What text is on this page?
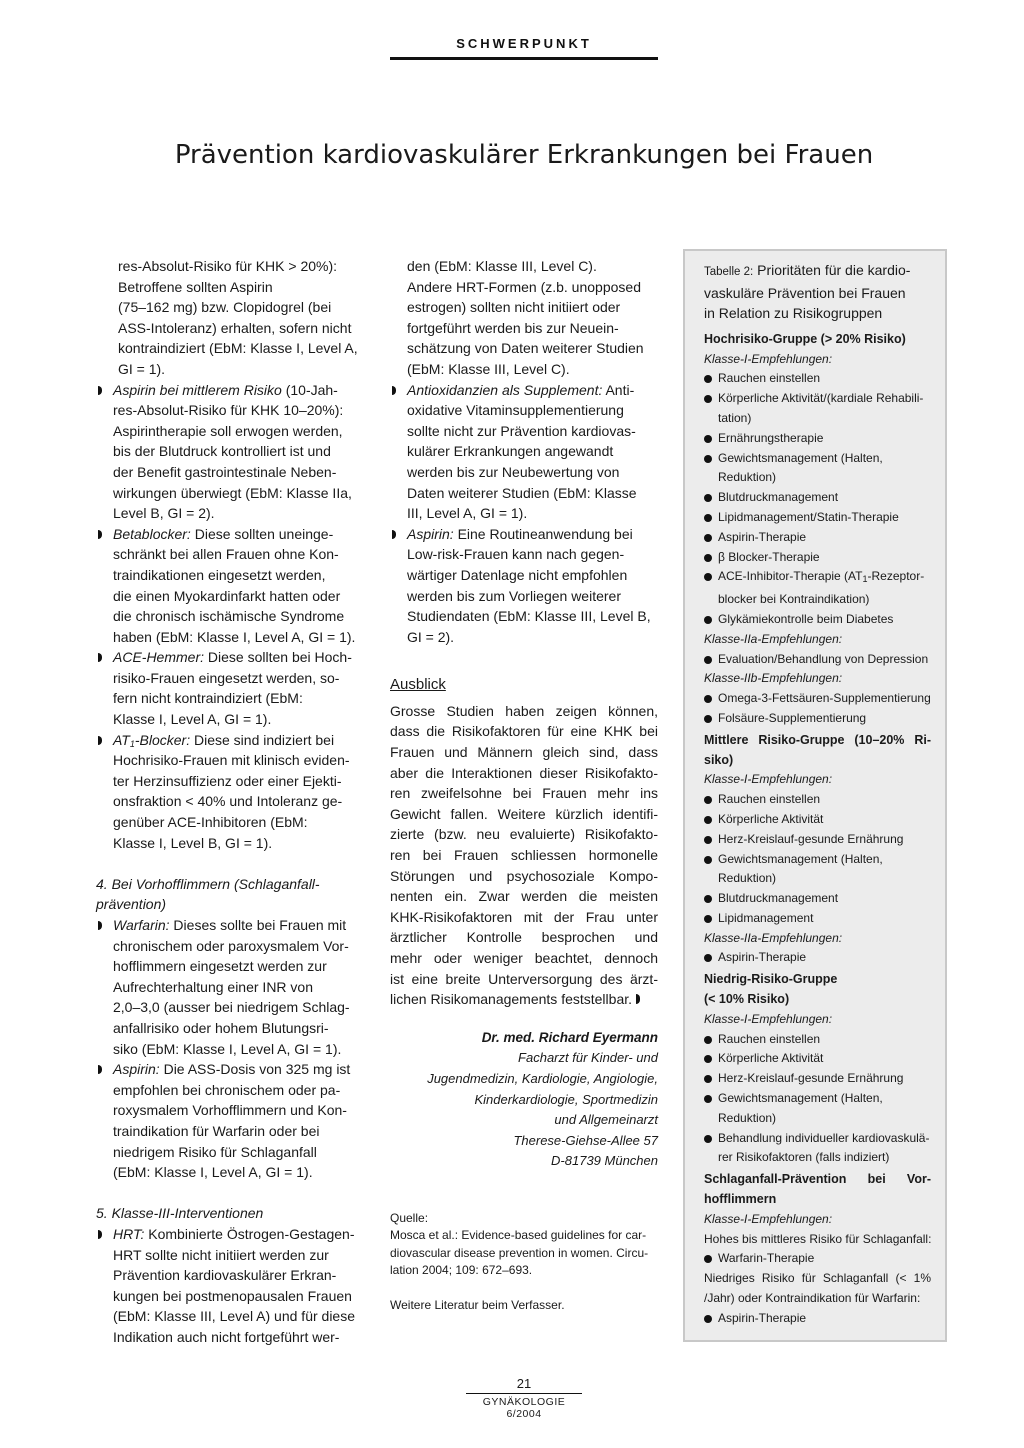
SCHWERPUNKT
Prävention kardiovaskulärer Erkrankungen bei Frauen
res-Absolut-Risiko für KHK > 20%):
Betroffene sollten Aspirin
(75–162 mg) bzw. Clopidogrel (bei
ASS-Intoleranz) erhalten, sofern nicht
kontraindiziert (EbM: Klasse I, Level A,
GI = 1).
Aspirin bei mittlerem Risiko (10-Jah-
res-Absolut-Risiko für KHK 10–20%):
Aspirintherapie soll erwogen werden,
bis der Blutdruck kontrolliert ist und
der Benefit gastrointestinale Neben-
wirkungen überwiegt (EbM: Klasse IIa,
Level B, GI = 2).
Betablocker: Diese sollten uneinge-
schränkt bei allen Frauen ohne Kon-
traindikationen eingesetzt werden,
die einen Myokardinfarkt hatten oder
die chronisch ischämische Syndrome
haben (EbM: Klasse I, Level A, GI = 1).
ACE-Hemmer: Diese sollten bei Hoch-
risiko-Frauen eingesetzt werden, so-
fern nicht kontraindiziert (EbM:
Klasse I, Level A, GI = 1).
$AT_1$-Blocker: Diese sind indiziert bei
Hochrisiko-Frauen mit klinisch eviden-
ter Herzinsuffizienz oder einer Ejekti-
onsfraktion < 40% und Intoleranz ge-
genüber ACE-Inhibitoren (EbM:
Klasse I, Level B, GI = 1).
4. Bei Vorhofflimmern (Schlaganfall-
prävention)
Warfarin: Dieses sollte bei Frauen mit
chronischem oder paroxysmalem Vor-
hofflimmern eingesetzt werden zur
Aufrechterhaltung einer INR von
2,0–3,0 (ausser bei niedrigem Schlag-
anfallrisiko oder hohem Blutungsri-
siko (EbM: Klasse I, Level A, GI = 1).
Aspirin: Die ASS-Dosis von 325 mg ist
empfohlen bei chronischem oder pa-
roxysmalem Vorhofflimmern und Kon-
traindikation für Warfarin oder bei
niedrigem Risiko für Schlaganfall
(EbM: Klasse I, Level A, GI = 1).
5. Klasse-III-Interventionen
HRT: Kombinierte Östrogen-Gestagen-
HRT sollte nicht initiiert werden zur
Prävention kardiovaskulärer Erkran-
kungen bei postmenopausalen Frauen
(EbM: Klasse III, Level A) und für diese
Indikation auch nicht fortgeführt wer-
den (EbM: Klasse III, Level C).
Andere HRT-Formen (z.b. unopposed
estrogen) sollten nicht initiiert oder
fortgeführt werden bis zur Neuein-
schätzung von Daten weiterer Studien
(EbM: Klasse III, Level C).
Antioxidanzien als Supplement: Anti-
oxidative Vitaminsupplementierung
sollte nicht zur Prävention kardiovas-
kulärer Erkrankungen angewandt
werden bis zur Neubewertung von
Daten weiterer Studien (EbM: Klasse
III, Level A, GI = 1).
Aspirin: Eine Routineanwendung bei
Low-risk-Frauen kann nach gegen-
wärtiger Datenlage nicht empfohlen
werden bis zum Vorliegen weiterer
Studiendaten (EbM: Klasse III, Level B,
GI = 2).
Ausblick
Grosse Studien haben zeigen können,
dass die Risikofaktoren für eine KHK bei
Frauen und Männern gleich sind, dass
aber die Interaktionen dieser Risikofakto-
ren zweifelsohne bei Frauen mehr ins
Gewicht fallen. Weitere kürzlich identifi-
zierte (bzw. neu evaluierte) Risikofakto-
ren bei Frauen schliessen hormonelle
Störungen und psychosoziale Kompo-
nenten ein. Zwar werden die meisten
KHK-Risikofaktoren mit der Frau unter
ärztlicher Kontrolle besprochen und
mehr oder weniger beachtet, dennoch
ist eine breite Unterversorgung des ärzt-
lichen Risikomanagements feststellbar.
Dr. med. Richard Eyermann
Facharzt für Kinder- und
Jugendmedizin, Kardiologie, Angiologie,
Kinderkardiologie, Sportmedizin
und Allgemeinarzt
Therese-Giehse-Allee 57
D-81739 München
Quelle:
Mosca et al.: Evidence-based guidelines for car-
diovascular disease prevention in women. Circu-
lation 2004; 109: 672–693.
Weitere Literatur beim Verfasser.
Tabelle 2: Prioritäten für die kardio-
vaskuläre Prävention bei Frauen
in Relation zu Risikogruppen
Hochrisiko-Gruppe (> 20% Risiko)
Klasse-I-Empfehlungen:
Rauchen einstellen
Körperliche Aktivität/(kardiale Rehabili-
tation)
Ernährungstherapie
Gewichtsmanagement (Halten,
Reduktion)
Blutdruckmanagement
Lipidmanagement/Statin-Therapie
Aspirin-Therapie
β Blocker-Therapie
ACE-Inhibitor-Therapie ($AT_1-Rezeptor-$
blocker bei Kontraindikation)
Glykämiekontrolle beim Diabetes
Klasse-IIa-Empfehlungen:
Evaluation/Behandlung von Depression
Klasse-IIb-Empfehlungen:
Omega-3-Fettsäuren-Supplementierung
Folsäure-Supplementierung
Mittlere Risiko-Gruppe (10–20% Ri-
siko)
Klasse-I-Empfehlungen:
Rauchen einstellen
Körperliche Aktivität
Herz-Kreislauf-gesunde Ernährung
Gewichtsmanagement (Halten,
Reduktion)
Blutdruckmanagement
Lipidmanagement
Klasse-IIa-Empfehlungen:
Aspirin-Therapie
Niedrig-Risiko-Gruppe
(< 10% Risiko)
Klasse-I-Empfehlungen:
Rauchen einstellen
Körperliche Aktivität
Herz-Kreislauf-gesunde Ernährung
Gewichtsmanagement (Halten,
Reduktion)
Behandlung individueller kardiovaskulä-
rer Risikofaktoren (falls indiziert)
Schlaganfall-Prävention bei Vor-
hofflimmern
Klasse-I-Empfehlungen:
Hohes bis mittleres Risiko für Schlaganfall:
Warfarin-Therapie
Niedriges Risiko für Schlaganfall (< 1%
/Jahr) oder Kontraindikation für Warfarin:
Aspirin-Therapie
21
GYNÄKOLOGIE 6/2004
